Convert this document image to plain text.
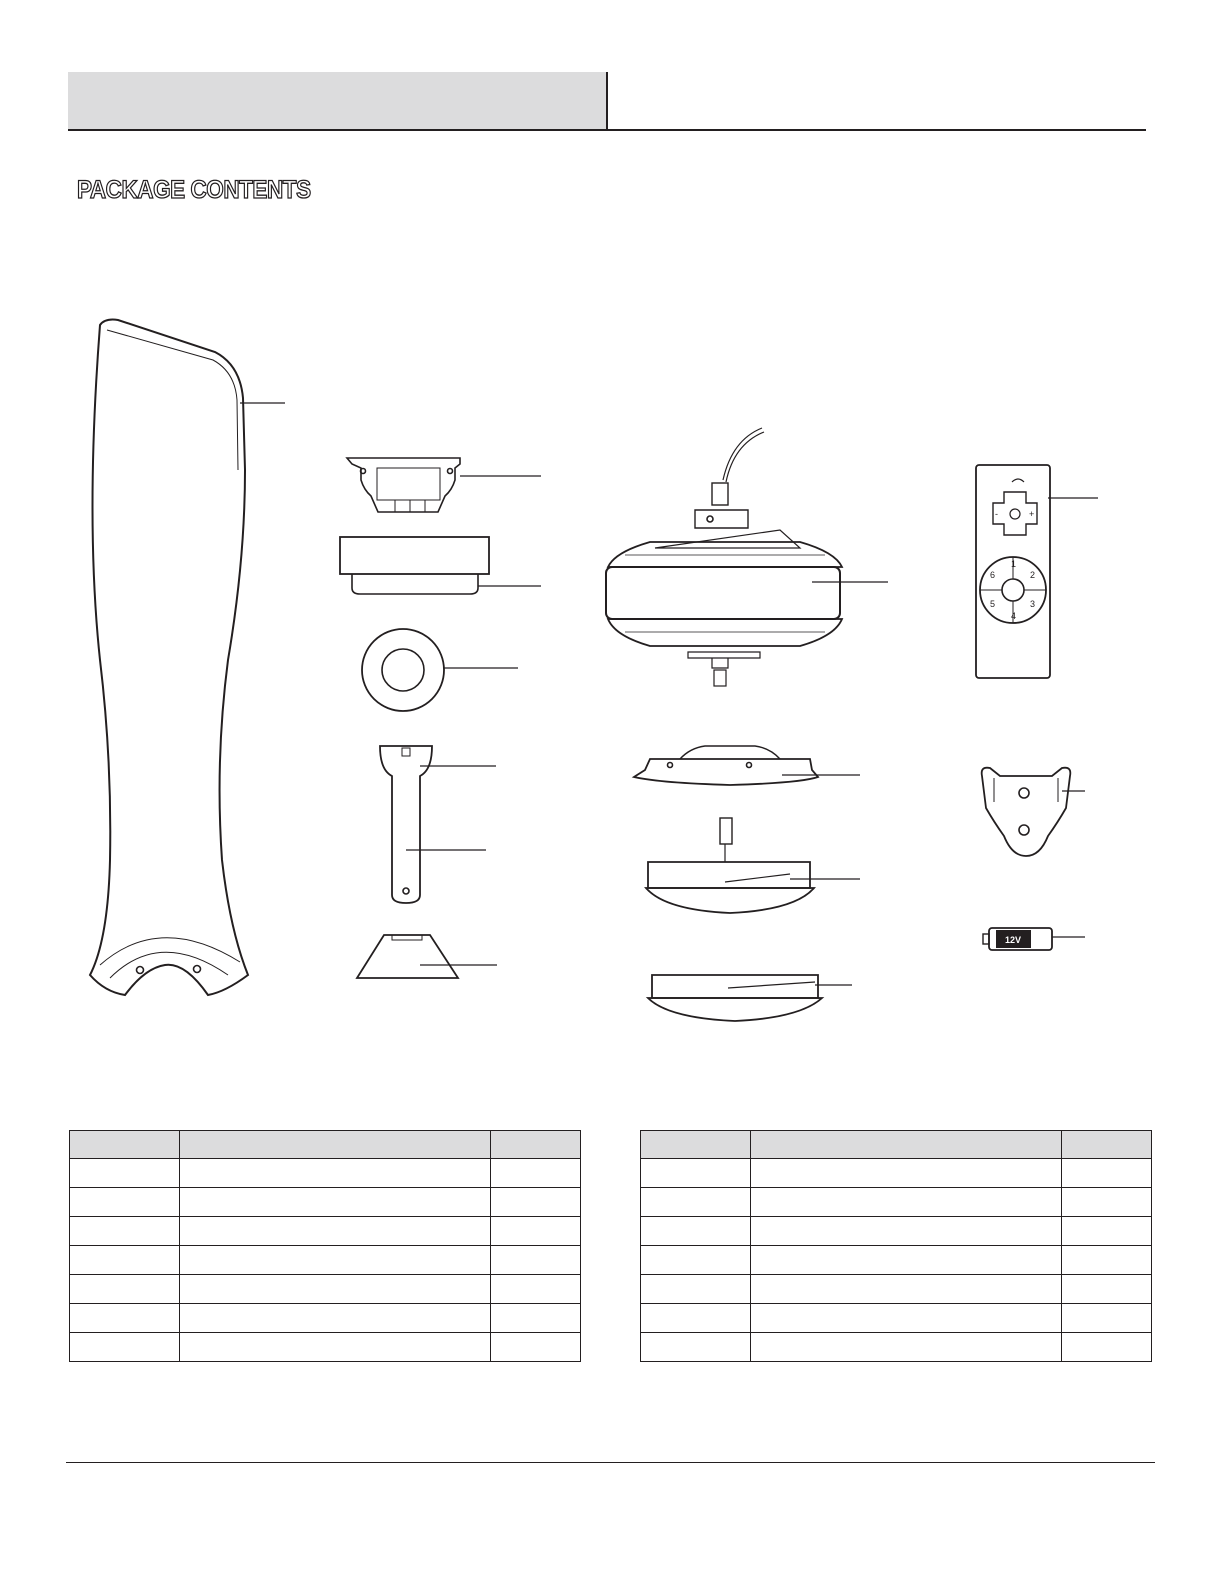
PACKAGE CONTENTS
-	+
1
2
3
4
5
6
12V
